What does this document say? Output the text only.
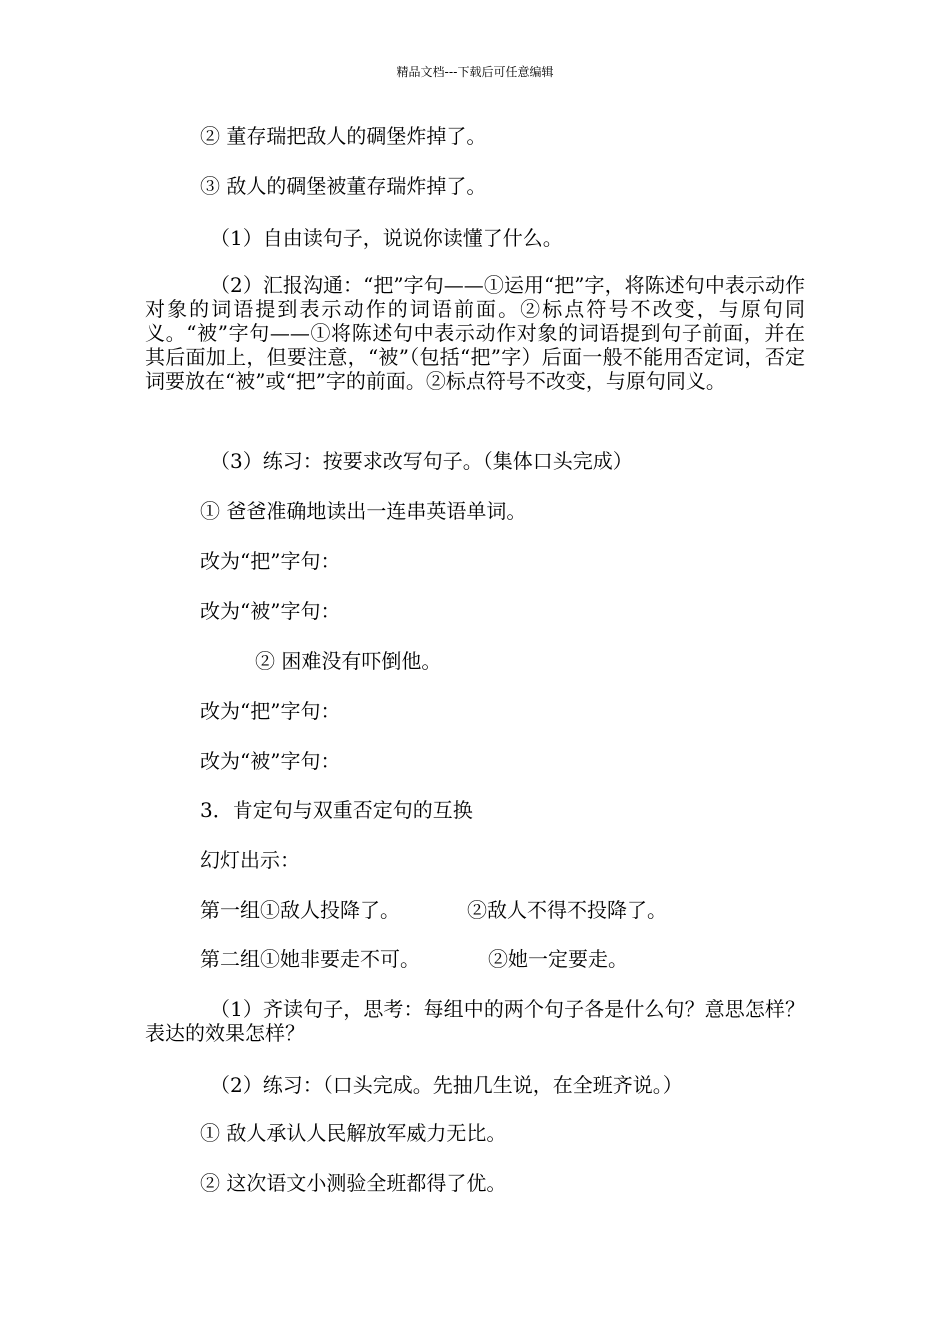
精品文档---下载后可任意编辑

② 董存瑞把敌人的碉堡炸掉了。

③ 敌人的碉堡被董存瑞炸掉了。

（1）自由读句子，说说你读懂了什么。

（2）汇报沟通：“把”字句——①运用“把”字，将陈述句中表示动作对象的词语提到表示动作的词语前面。②标点符号不改变，与原句同义。“被”字句——①将陈述句中表示动作对象的词语提到句子前面，并在其后面加上，但要注意，“被”（包括“把”字）后面一般不能用否定词，否定词要放在“被”或“把”字的前面。②标点符号不改变，与原句同义。

（3）练习：按要求改写句子。（集体口头完成）

① 爸爸准确地读出一连串英语单词。

改为“把”字句：

改为“被”字句：

② 困难没有吓倒他。

改为“把”字句：

改为“被”字句：

3．肯定句与双重否定句的互换

幻灯出示：

第一组①敌人投降了。	②敌人不得不投降了。

第二组①她非要走不可。	②她一定要走。

（1）齐读句子，思考：每组中的两个句子各是什么句？意思怎样？表达的效果怎样？

（2）练习：（口头完成。先抽几生说，在全班齐说。）

① 敌人承认人民解放军威力无比。

② 这次语文小测验全班都得了优。
